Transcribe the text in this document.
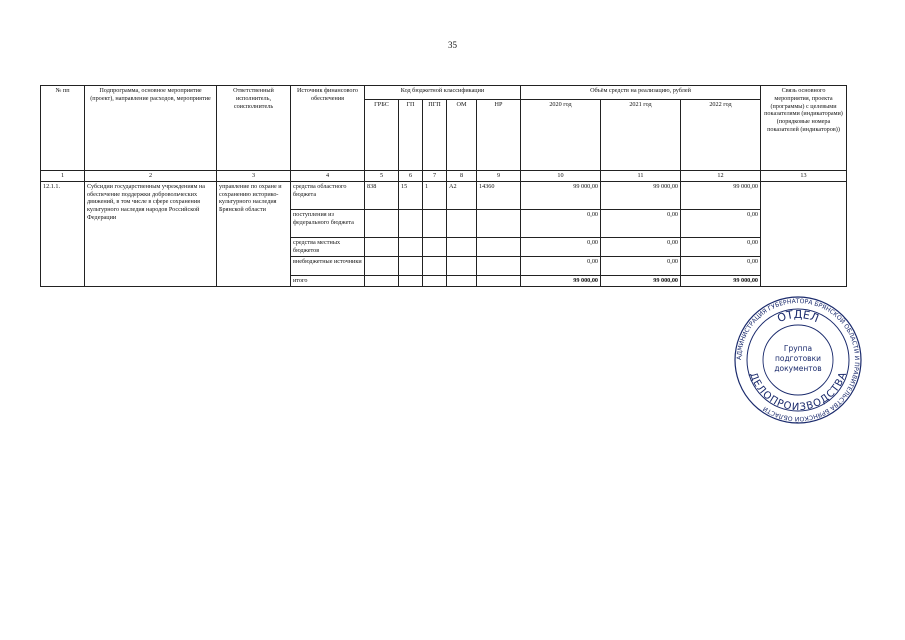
35
№ пп	Подпрограмма, основное мероприятие (проект), направление расходов, мероприятие	Ответственный исполнитель, соисполнитель	Источник финансового обеспечения	Код бюджетной классификации					Объём средств на реализацию, рублей			Связь основного мероприятия, проекта (программы) с целевыми показателями (индикаторами) (порядковые номера показателей (индикаторов))
				ГРБС	ГП	ПГП	ОМ	НР	2020 год	2021 год	2022 год	
1	2	3	4	5	6	7	8	9	10	11	12	13
12.1.1.	Субсидии государственным учреждениям на обеспечение поддержки добровольческих движений, в том числе в сфере сохранения культурного наследия народов Российской Федерации	управление по охране и сохранению историко-культурного наследия Брянской области	средства областного бюджета	838	15	1	А2	14360	99 000,00	99 000,00	99 000,00	
			поступления из федерального бюджета						0,00	0,00	0,00	
			средства местных бюджетов						0,00	0,00	0,00	
			внебюджетные источники						0,00	0,00	0,00	
			итого						99 000,00	99 000,00	99 000,00	
АДМИНИСТРАЦИЯ ГУБЕРНАТОРА БРЯНСКОЙ ОБЛАСТИ И ПРАВИТЕЛЬСТВА БРЯНСКОЙ ОБЛАСТИ
ОТДЕЛ
ДЕЛОПРОИЗВОДСТВА
Группа
подготовки
документов
